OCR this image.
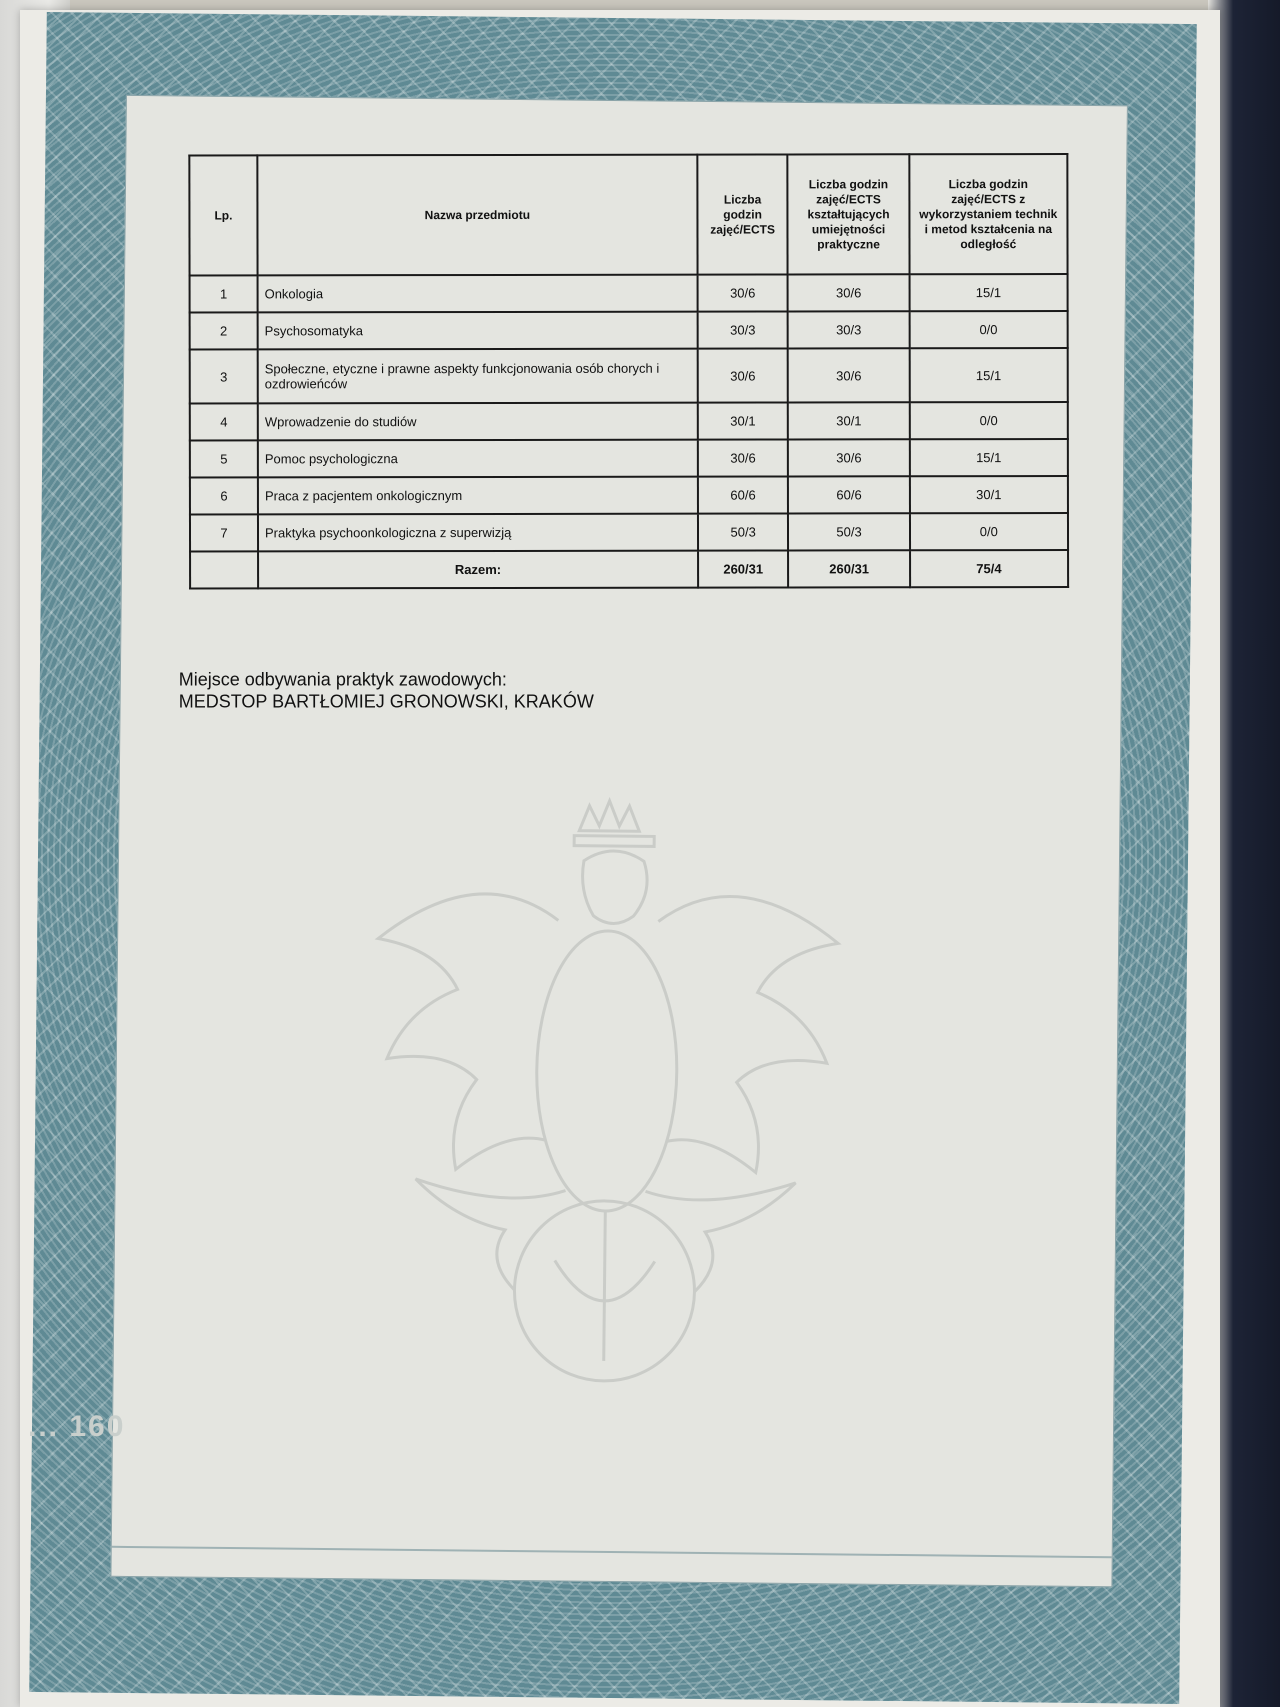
Lp.	Nazwa przedmiotu	Liczba godzin zajęć/ECTS	Liczba godzin zajęć/ECTS kształtujących umiejętności praktyczne	Liczba godzin zajęć/ECTS z wykorzystaniem technik i metod kształcenia na odległość
1	Onkologia	30/6	30/6	15/1
2	Psychosomatyka	30/3	30/3	0/0
3	Społeczne, etyczne i prawne aspekty funkcjonowania osób chorych i ozdrowieńców	30/6	30/6	15/1
4	Wprowadzenie do studiów	30/1	30/1	0/0
5	Pomoc psychologiczna	30/6	30/6	15/1
6	Praca z pacjentem onkologicznym	60/6	60/6	30/1
7	Praktyka psychoonkologiczna z superwizją	50/3	50/3	0/0
	Razem:	260/31	260/31	75/4
Miejsce odbywania praktyk zawodowych:
MEDSTOP BARTŁOMIEJ GRONOWSKI, KRAKÓW
... 160
